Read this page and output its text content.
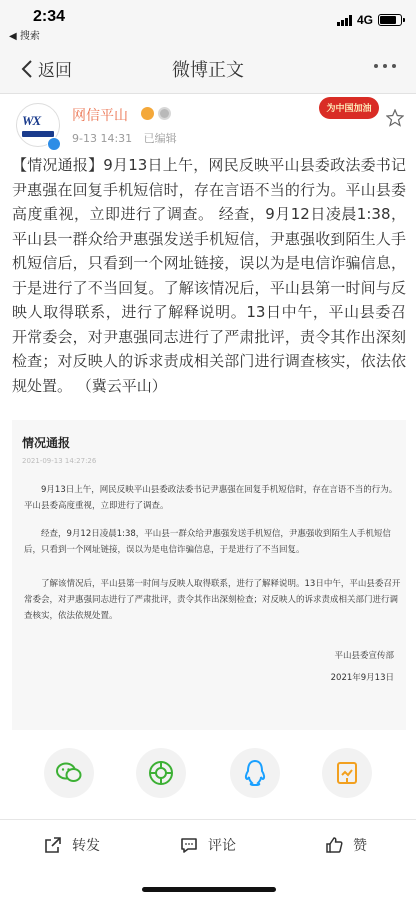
2:34
◀ 搜索
4G
返回	微博正文
WX 网信平山
9-13 14:31 已编辑
为中国加油
【情况通报】9月13日上午，网民反映平山县委政法委书记尹惠强在回复手机短信时，存在言语不当的行为。平山县委高度重视，立即进行了调查。 经查，9月12日凌晨1:38，平山县一群众给尹惠强发送手机短信，尹惠强收到陌生人手机短信后，只看到一个网址链接，误以为是电信诈骗信息，于是进行了不当回复。了解该情况后，平山县第一时间与反映人取得联系，进行了解释说明。13日中午，平山县委召开常委会，对尹惠强同志进行了严肃批评，责令其作出深刻检查；对反映人的诉求责成相关部门进行调查核实，依法依规处置。 （冀云平山）
情况通报
2021-09-13 14:27:26
9月13日上午，网民反映平山县委政法委书记尹惠强在回复手机短信时，存在言语不当的行为。平山县委高度重视，立即进行了调查。
经查，9月12日凌晨1:38，平山县一群众给尹惠强发送手机短信，尹惠强收到陌生人手机短信后，只看到一个网址链接，误以为是电信诈骗信息，于是进行了不当回复。
了解该情况后，平山县第一时间与反映人取得联系，进行了解释说明。13日中午，平山县委召开常委会，对尹惠强同志进行了严肃批评，责令其作出深刻检查；对反映人的诉求责成相关部门进行调查核实，依法依规处置。
平山县委宣传部
2021年9月13日
转发	评论	赞
